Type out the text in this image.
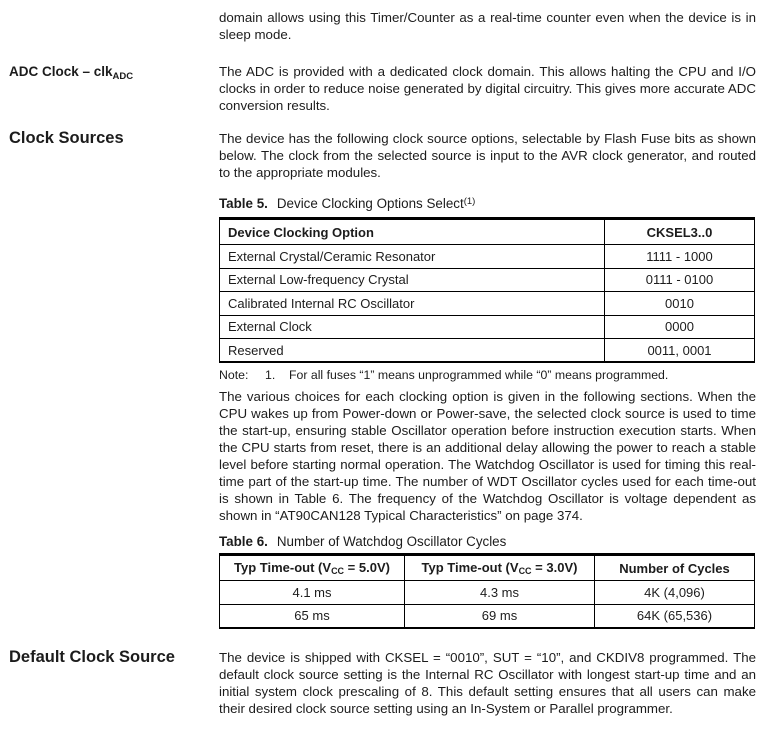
domain allows using this Timer/Counter as a real-time counter even when the device is in sleep mode.

ADC Clock – clk$_{ADC}$	The ADC is provided with a dedicated clock domain. This allows halting the CPU and I/O clocks in order to reduce noise generated by digital circuitry. This gives more accurate ADC conversion results.

Clock Sources	The device has the following clock source options, selectable by Flash Fuse bits as shown below. The clock from the selected source is input to the AVR clock generator, and routed to the appropriate modules.

Table 5. Device Clocking Options Select$^{(1)}$

Device Clocking Option	CKSEL3..0
External Crystal/Ceramic Resonator	1111 - 1000
External Low-frequency Crystal	0111 - 0100
Calibrated Internal RC Oscillator	0010
External Clock	0000
Reserved	0011, 0001
Note:	1.	For all fuses “1” means unprogrammed while “0” means programmed.

The various choices for each clocking option is given in the following sections. When the CPU wakes up from Power-down or Power-save, the selected clock source is used to time the start-up, ensuring stable Oscillator operation before instruction execution starts. When the CPU starts from reset, there is an additional delay allowing the power to reach a stable level before starting normal operation. The Watchdog Oscillator is used for timing this real-time part of the start-up time. The number of WDT Oscillator cycles used for each time-out is shown in Table 6. The frequency of the Watchdog Oscillator is voltage dependent as shown in “AT90CAN128 Typical Characteristics” on page 374.

Table 6. Number of Watchdog Oscillator Cycles

Typ Time-out (VCC = 5.0V)	Typ Time-out (VCC = 3.0V)	Number of Cycles
4.1 ms	4.3 ms	4K (4,096)
65 ms	69 ms	64K (65,536)
Default Clock Source	The device is shipped with CKSEL = “0010”, SUT = “10”, and CKDIV8 programmed. The default clock source setting is the Internal RC Oscillator with longest start-up time and an initial system clock prescaling of 8. This default setting ensures that all users can make their desired clock source setting using an In-System or Parallel programmer.
